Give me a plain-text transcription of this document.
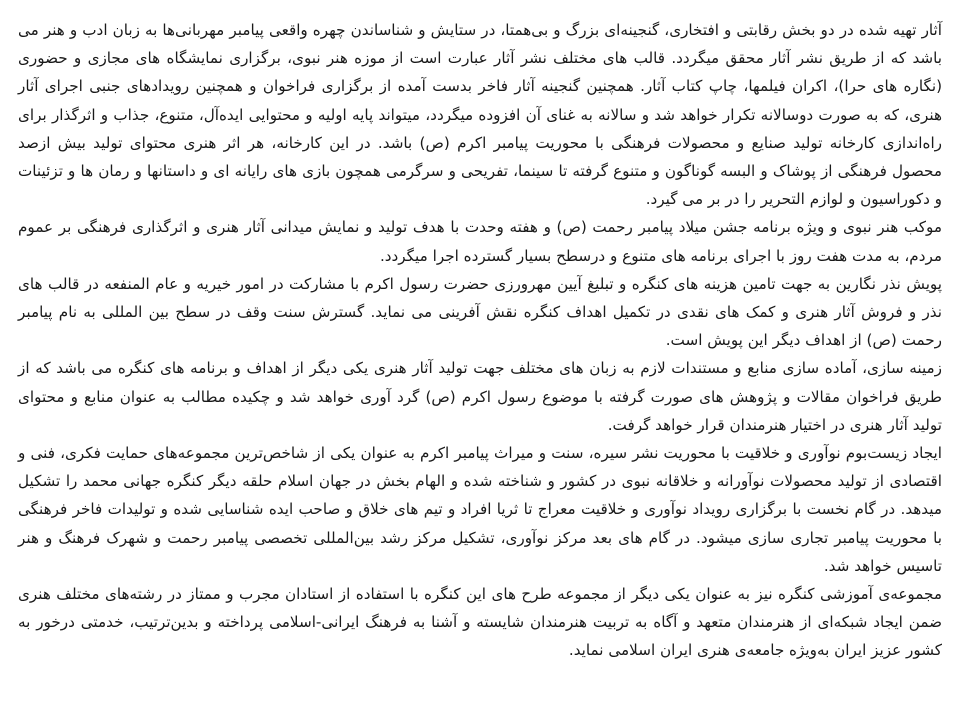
آثار تهیه شده در دو بخش رقابتی و افتخاری، گنجینه‌ای بزرگ و بی‌همتا، در ستایش و شناساندن چهره واقعی پیامبر مهربانی‌ها به زبان ادب و هنر می باشد که از طریق نشر آثار محقق میگردد. قالب های مختلف نشر آثار عبارت است از موزه هنر نبوی، برگزاری نمایشگاه های مجازی و حضوری (نگاره های حرا)، اکران فیلمها، چاپ کتاب آثار. همچنین گنجینه آثار فاخر بدست آمده از برگزاری فراخوان و همچنین رویدادهای جنبی اجرای آثار هنری، که به صورت دوسالانه تکرار خواهد شد و سالانه به غنای آن افزوده میگردد، میتواند پایه اولیه و محتوایی ایده‌آل، متنوع، جذاب و اثرگذار برای راه‌اندازی کارخانه تولید صنایع و محصولات فرهنگی با محوریت پیامبر اکرم (ص) باشد. در این کارخانه، هر اثر هنری محتوای تولید بیش ازصد محصول فرهنگی از پوشاک و البسه گوناگون و متنوع گرفته تا سینما، تفریحی و سرگرمی همچون بازی های رایانه ای و داستانها و رمان ها و تزئینات و دکوراسیون و لوازم التحریر را در بر می گیرد.

موکب هنر نبوی و ویژه برنامه جشن میلاد پیامبر رحمت (ص) و هفته وحدت با هدف تولید و نمایش میدانی آثار هنری و اثرگذاری فرهنگی بر عموم مردم، به مدت هفت روز با اجرای برنامه های متنوع و درسطح بسیار گسترده اجرا میگردد.

پویش نذر نگارین به جهت تامین هزینه های کنگره و تبلیغ آیین مهرورزی حضرت رسول اکرم با مشارکت در امور خیریه و عام المنفعه در قالب های نذر و فروش آثار هنری و کمک های نقدی در تکمیل اهداف کنگره نقش آفرینی می نماید. گسترش سنت وقف در سطح بین المللی به نام پیامبر رحمت (ص) از اهداف دیگر این پویش است.

زمینه سازی، آماده سازی منابع و مستندات لازم به زبان های مختلف جهت تولید آثار هنری یکی دیگر از اهداف و برنامه های کنگره می باشد که از طریق فراخوان مقالات و پژوهش های صورت گرفته با موضوع رسول اکرم (ص) گرد آوری خواهد شد و چکیده مطالب به عنوان منابع و محتوای تولید آثار هنری در اختیار هنرمندان قرار خواهد گرفت.

ایجاد زیست‌بوم نوآوری و خلاقیت با محوریت نشر سیره، سنت و میراث پیامبر اکرم به عنوان یکی از شاخص‌ترین مجموعه‌های حمایت فکری، فنی و اقتصادی از تولید محصولات نوآورانه و خلاقانه نبوی در کشور و شناخته شده و الهام بخش در جهان اسلام حلقه دیگر کنگره جهانی محمد را تشکیل میدهد. در گام نخست با برگزاری رویداد نوآوری و خلاقیت معراج تا ثریا افراد و تیم های خلاق و صاحب ایده شناسایی شده و تولیدات فاخر فرهنگی با محوریت پیامبر تجاری سازی میشود. در گام های بعد مرکز نوآوری، تشکیل مرکز رشد بین‌المللی تخصصی پیامبر رحمت و شهرک فرهنگ و هنر تاسیس خواهد شد.

مجموعه‌ی آموزشی کنگره نیز به عنوان یکی دیگر از مجموعه طرح های این کنگره با استفاده از استادان مجرب و ممتاز در رشته‌های مختلف هنری ضمن ایجاد شبکه‌ای از هنرمندان متعهد و آگاه به تربیت هنرمندان شایسته و آشنا به فرهنگ ایرانی-اسلامی پرداخته و بدین‌ترتیب، خدمتی درخور به کشور عزیز ایران به‌ویژه جامعه‌ی هنری ایران اسلامی نماید.
